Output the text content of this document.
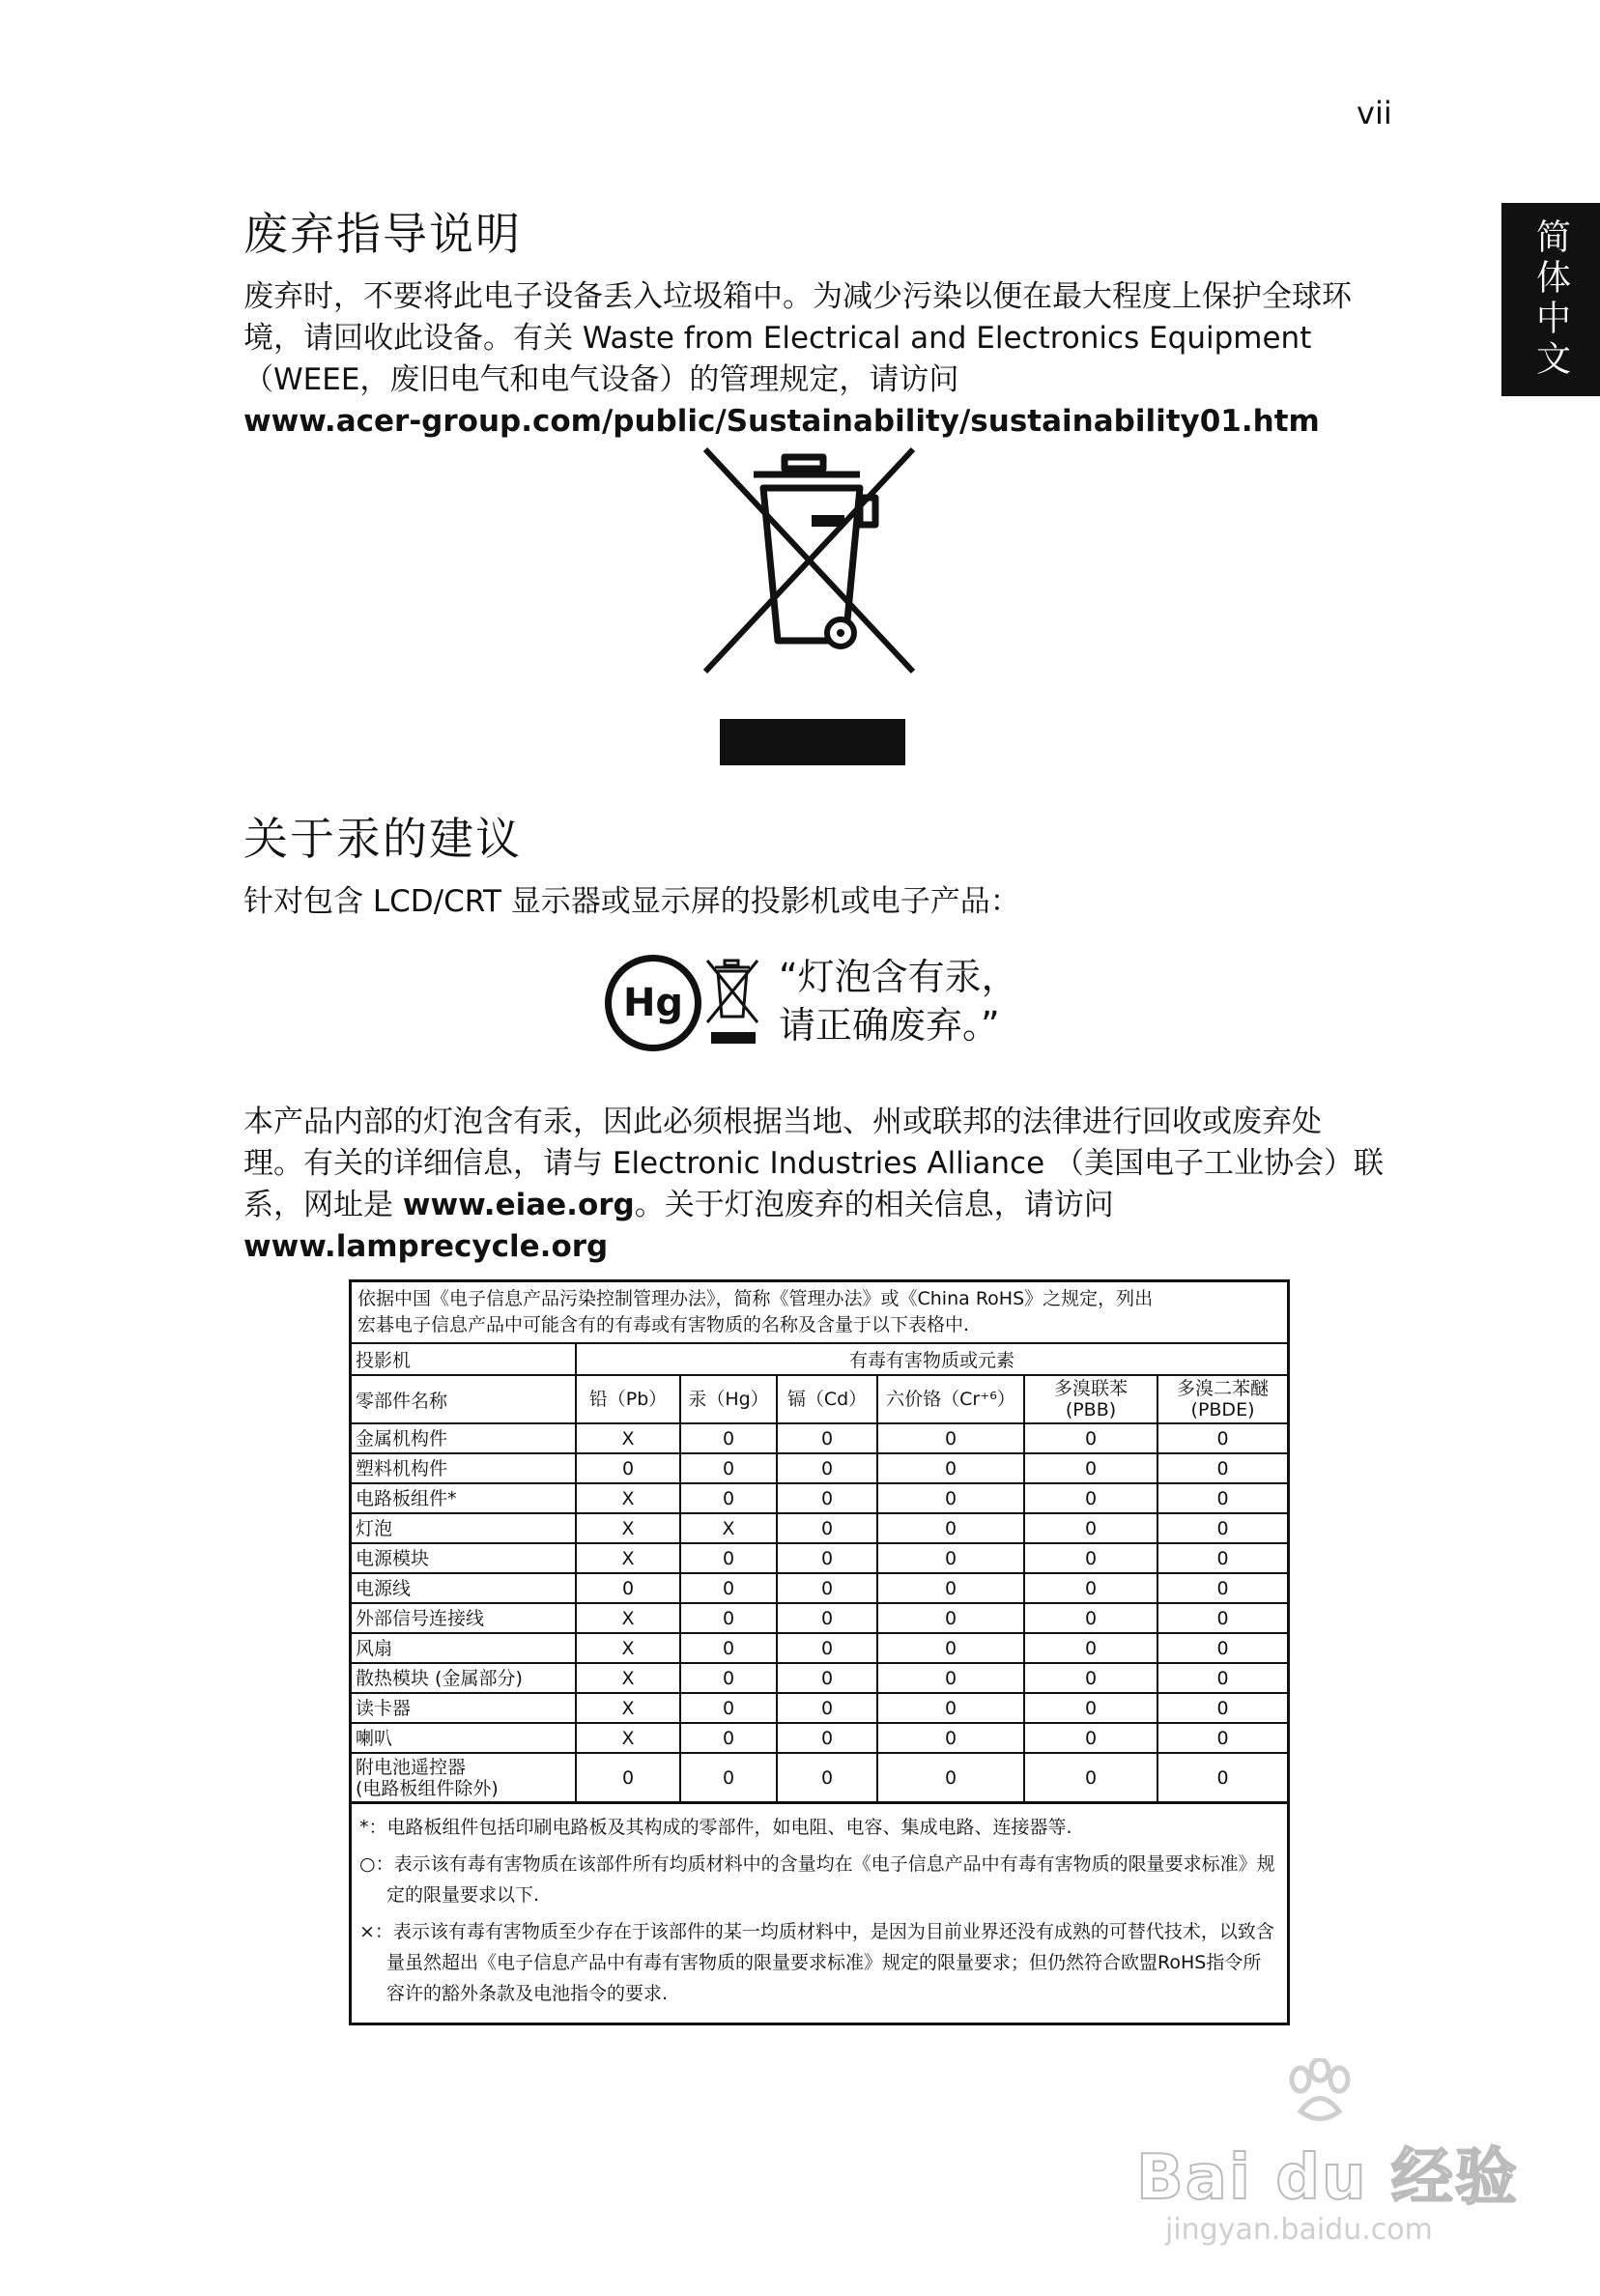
vii
简体中文
废弃指导说明
废弃时，不要将此电子设备丢入垃圾箱中。为减少污染以便在最大程度上保护全球环
境，请回收此设备。有关 Waste from Electrical and Electronics Equipment
（WEEE，废旧电气和电气设备）的管理规定，请访问
www.acer-group.com/public/Sustainability/sustainability01.htm
关于汞的建议
针对包含 LCD/CRT 显示器或显示屏的投影机或电子产品：
Hg
“灯泡含有汞，
请正确废弃。”
本产品内部的灯泡含有汞，因此必须根据当地、州或联邦的法律进行回收或废弃处
理。有关的详细信息，请与 Electronic Industries Alliance （美国电子工业协会）联
系，网址是 www.eiae.org。关于灯泡废弃的相关信息，请访问
www.lamprecycle.org
依据中国《电子信息产品污染控制管理办法》，简称《管理办法》或《China RoHS》之规定，列出
宏碁电子信息产品中可能含有的有毒或有害物质的名称及含量于以下表格中.
投影机	有毒有害物质或元素					
零部件名称	铅（Pb）	汞（Hg）	镉（Cd）	六价铬（Cr⁺⁶）	多溴联苯
(PBB)	多溴二苯醚
(PBDE)
金属机构件	X	0	0	0	0	0
塑料机构件	0	0	0	0	0	0
电路板组件*	X	0	0	0	0	0
灯泡	X	X	0	0	0	0
电源模块	X	0	0	0	0	0
电源线	0	0	0	0	0	0
外部信号连接线	X	0	0	0	0	0
风扇	X	0	0	0	0	0
散热模块 (金属部分)	X	0	0	0	0	0
读卡器	X	0	0	0	0	0
喇叭	X	0	0	0	0	0
附电池遥控器
(电路板组件除外)	0	0	0	0	0	0

*：电路板组件包括印刷电路板及其构成的零部件，如电阻、电容、集成电路、连接器等.

○：表示该有毒有害物质在该部件所有均质材料中的含量均在《电子信息产品中有毒有害物质的限量要求标准》规定的限量要求以下.

×：表示该有毒有害物质至少存在于该部件的某一均质材料中，是因为目前业界还没有成熟的可替代技术，以致含量虽然超出《电子信息产品中有毒有害物质的限量要求标准》规定的限量要求；但仍然符合欧盟RoHS指令所容许的豁外条款及电池指令的要求.

Bai du 经验
jingyan.baidu.com
